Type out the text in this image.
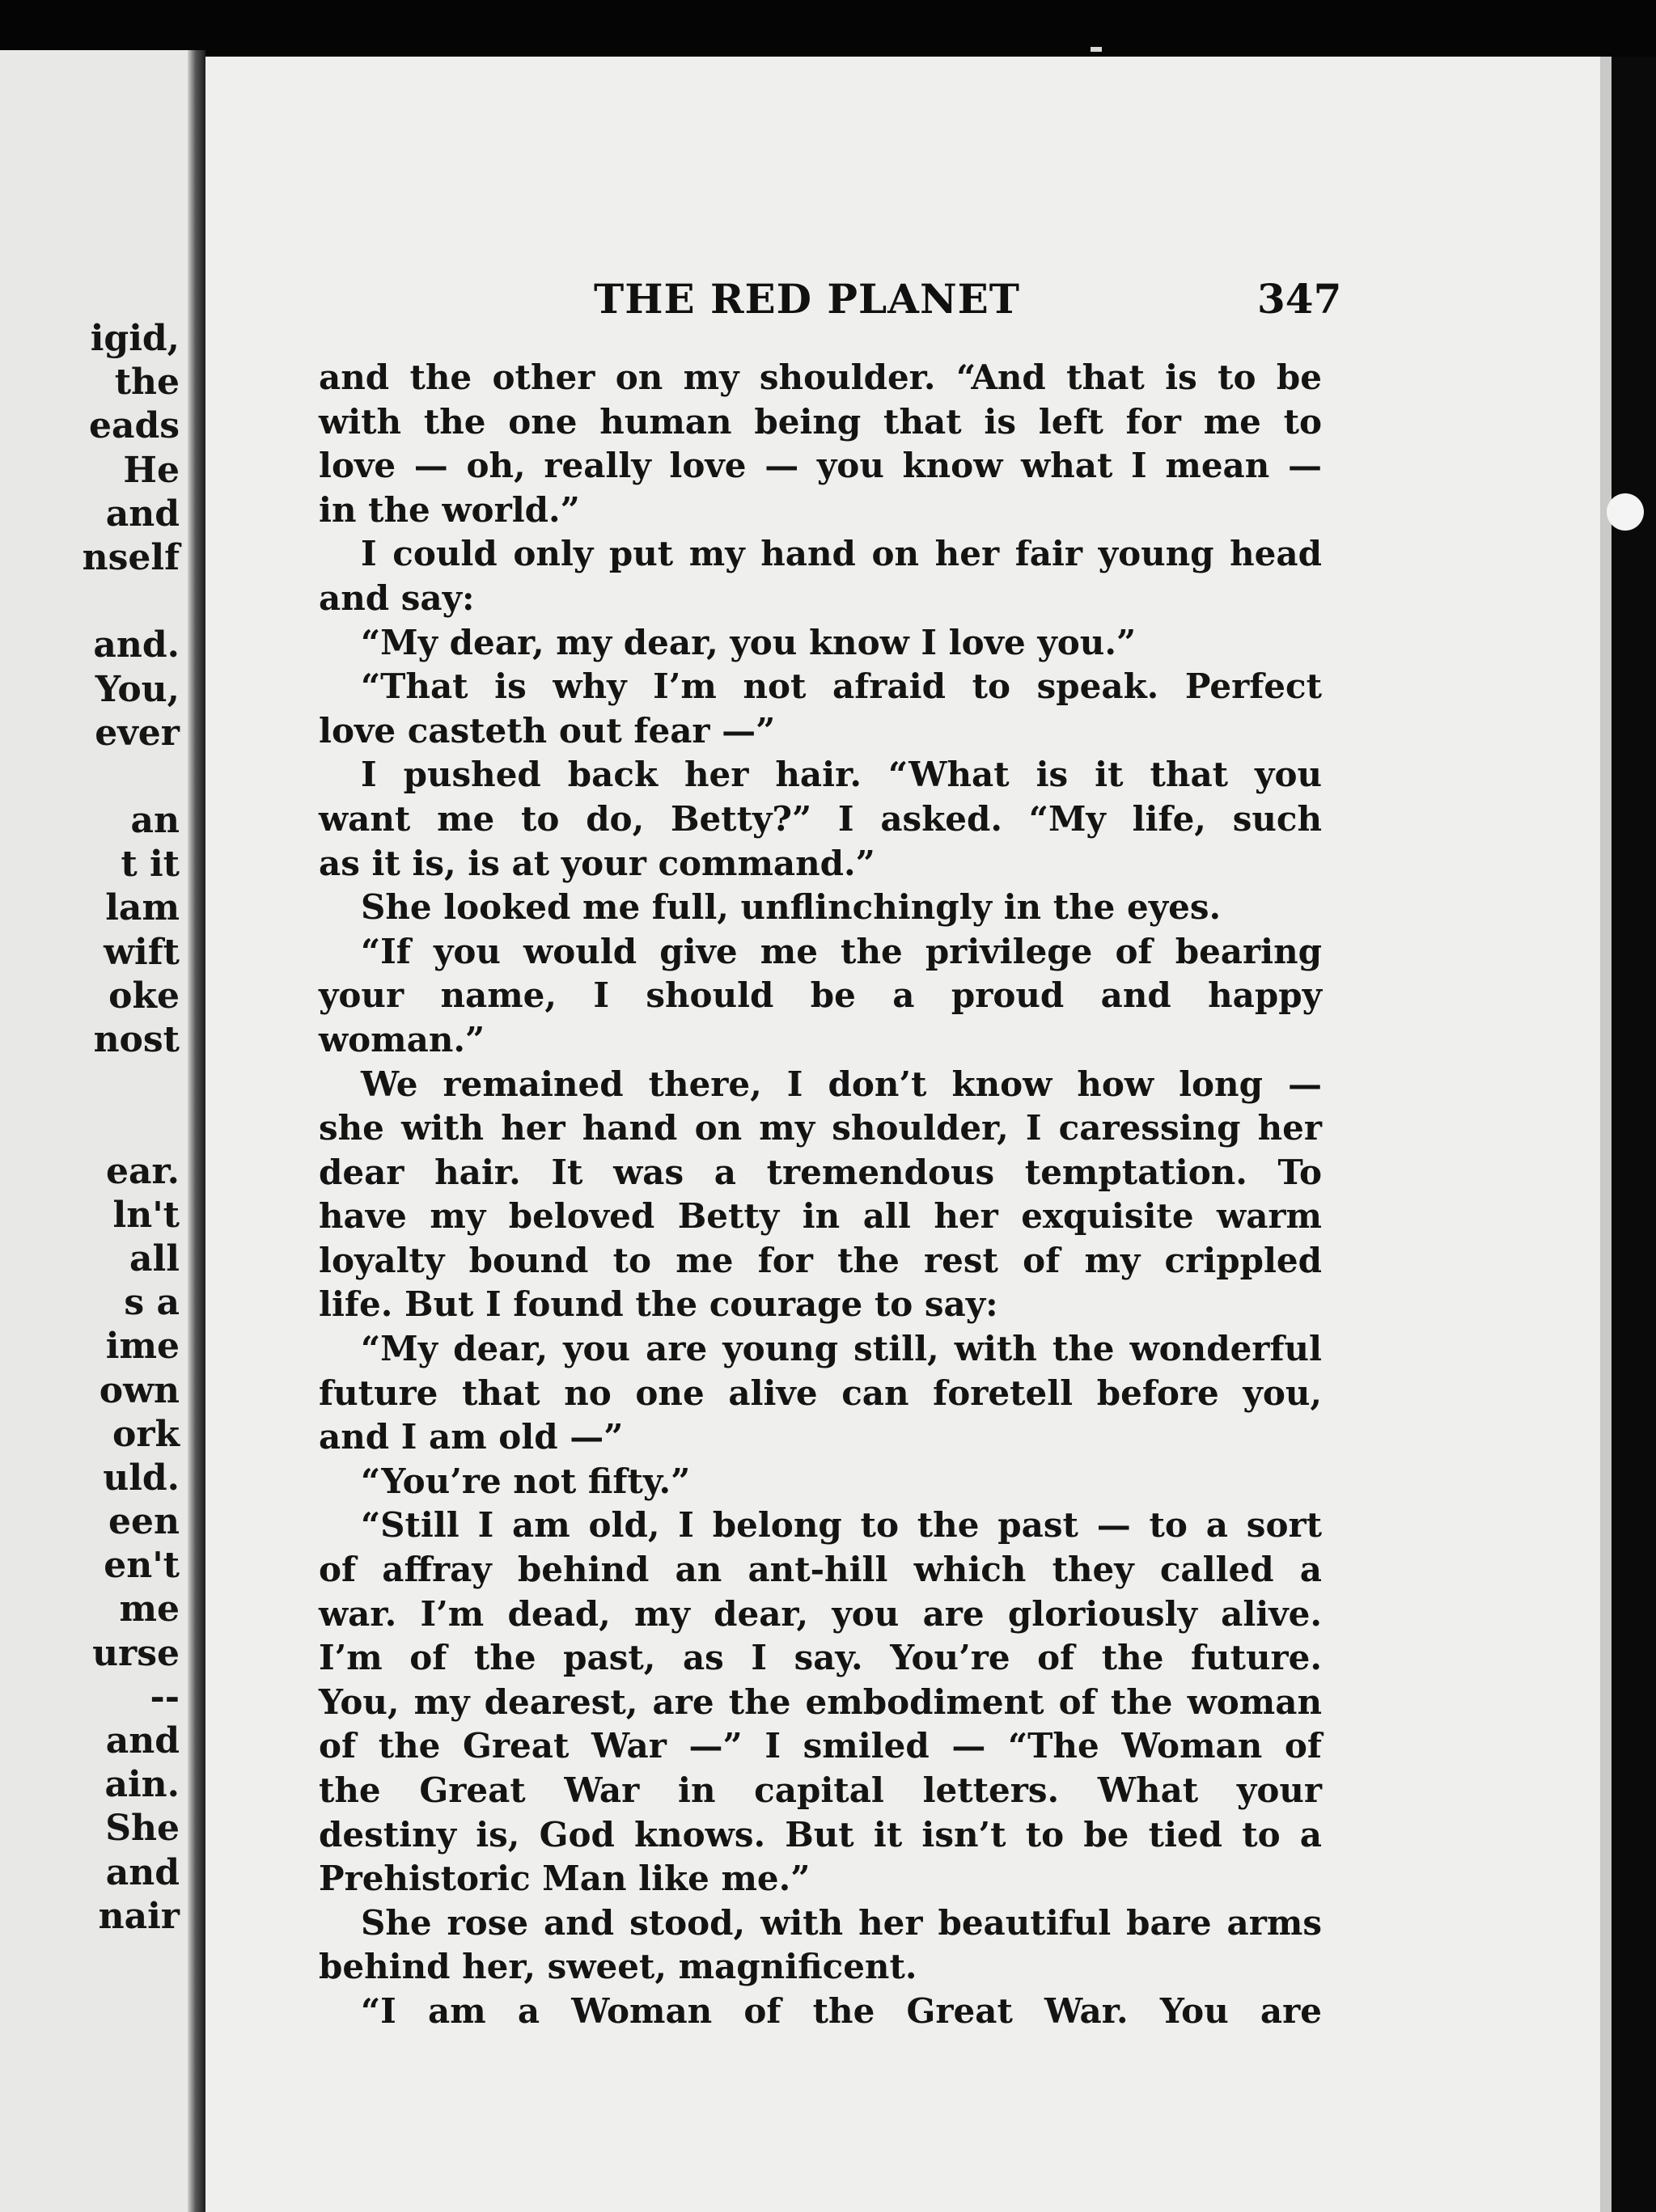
igid,
the
eads
He
and
nself
and.
You,
ever
an
t it
lam
wift
oke
nost
ear.
ln't
all
s a
ime
own
ork
uld.
een
en't
me
urse
--
and
ain.
She
and
nair
THE RED PLANET	347
and the other on my shoulder. “And that is to be
with the one human being that is left for me to
love — oh, really love — you know what I mean —
in the world.”
I could only put my hand on her fair young head
and say:
“My dear, my dear, you know I love you.”
“That is why I’m not afraid to speak. Perfect
love casteth out fear —”
I pushed back her hair. “What is it that you
want me to do, Betty?” I asked. “My life, such
as it is, is at your command.”
She looked me full, unflinchingly in the eyes.
“If you would give me the privilege of bearing
your name, I should be a proud and happy
woman.”
We remained there, I don’t know how long —
she with her hand on my shoulder, I caressing her
dear hair. It was a tremendous temptation. To
have my beloved Betty in all her exquisite warm
loyalty bound to me for the rest of my crippled
life. But I found the courage to say:
“My dear, you are young still, with the wonderful
future that no one alive can foretell before you,
and I am old —”
“You’re not fifty.”
“Still I am old, I belong to the past — to a sort
of affray behind an ant-hill which they called a
war. I’m dead, my dear, you are gloriously alive.
I’m of the past, as I say. You’re of the future.
You, my dearest, are the embodiment of the woman
of the Great War —” I smiled — “The Woman of
the Great War in capital letters. What your
destiny is, God knows. But it isn’t to be tied to a
Prehistoric Man like me.”
She rose and stood, with her beautiful bare arms
behind her, sweet, magnificent.
“I am a Woman of the Great War. You are
